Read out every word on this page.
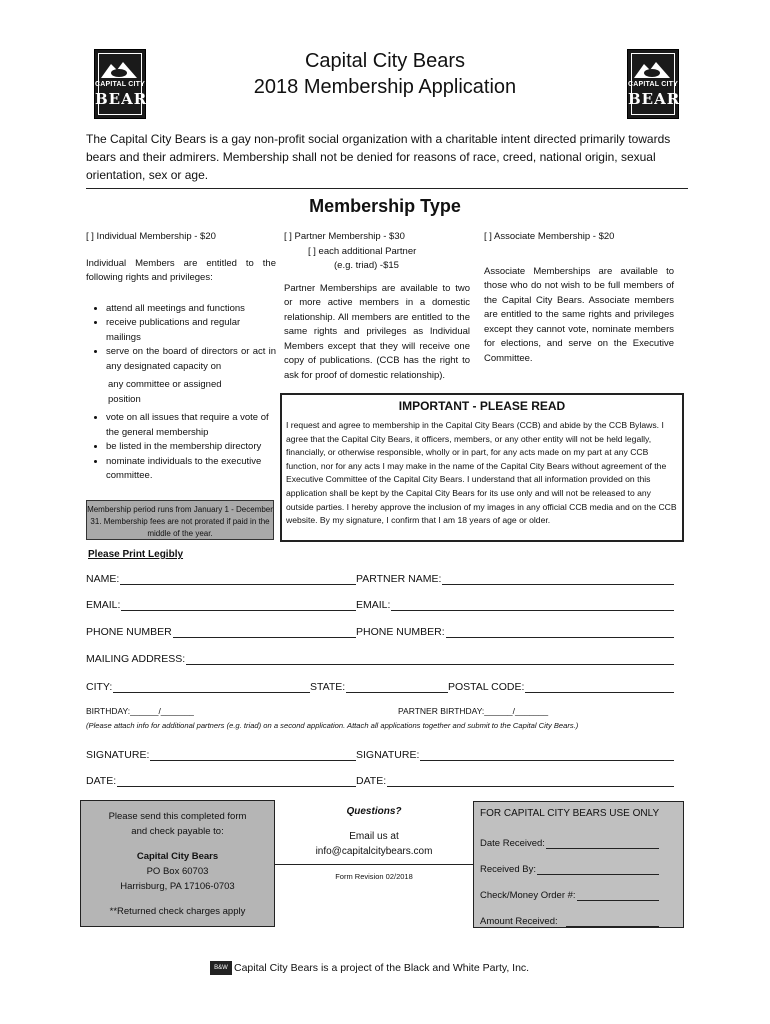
CAPITAL CITY
BEARS
CAPITAL CITY
BEARS
Capital City Bears
2018 Membership Application
The Capital City Bears is a gay non-profit social organization with a charitable intent directed primarily towards bears and their admirers. Membership shall not be denied for reasons of race, creed, national origin, sexual orientation, sex or age.
Membership Type
[ ] Individual Membership - $20
Individual Members are entitled to the following rights and privileges:
• attend all meetings and functions
• receive publications and regular mailings
• serve on the board of directors or act in any designated capacity on
any committee or assigned position
• vote on all issues that require a vote of the general membership
• be listed in the membership directory
• nominate individuals to the executive committee.
Membership period runs from January 1 - December 31. Membership fees are not prorated if paid in the middle of the year.
[ ] Partner Membership - $30
[ ] each additional Partner
(e.g. triad) -$15
Partner Memberships are available to two or more active members in a domestic relationship. All members are entitled to the same rights and privileges as Individual Members except that they will receive one copy of publications. (CCB has the right to ask for proof of domestic relationship).
[ ] Associate Membership - $20
Associate Memberships are available to those who do not wish to be full members of the Capital City Bears. Associate members are entitled to the same rights and privileges except they cannot vote, nominate members for elections, and serve on the Executive Committee.
IMPORTANT - PLEASE READ
I request and agree to membership in the Capital City Bears (CCB) and abide by the CCB Bylaws. I agree that the Capital City Bears, it officers, members, or any other entity will not be held legally, financially, or otherwise responsible, wholly or in part, for any acts made on my part at any CCB function, nor for any acts I may make in the name of the Capital City Bears without agreement of the Executive Committee of the Capital City Bears. I understand that all information provided on this application shall be kept by the Capital City Bears for its use only and will not be released to any outside parties. I hereby approve the inclusion of my images in any official CCB media and on the CCB website. By my signature, I confirm that I am 18 years of age or older.
Please Print Legibly
NAME:	PARTNER NAME:
EMAIL:	EMAIL:
PHONE NUMBER	PHONE NUMBER:
MAILING ADDRESS:
CITY:	STATE:	POSTAL CODE:
BIRTHDAY:______/_______	PARTNER BIRTHDAY:______/_______
(Please attach info for additional partners (e.g. triad) on a second application. Attach all applications together and submit to the Capital City Bears.)
SIGNATURE:	SIGNATURE:
DATE:	DATE:
Please send this completed form
and check payable to:
Capital City Bears
PO Box 60703
Harrisburg, PA 17106-0703
**Returned check charges apply
Questions?
Email us at
info@capitalcitybears.com
Form Revision 02/2018
FOR CAPITAL CITY BEARS USE ONLY
Date Received:
Received By:
Check/Money Order #:
Amount Received:
B&W Capital City Bears is a project of the Black and White Party, Inc.
